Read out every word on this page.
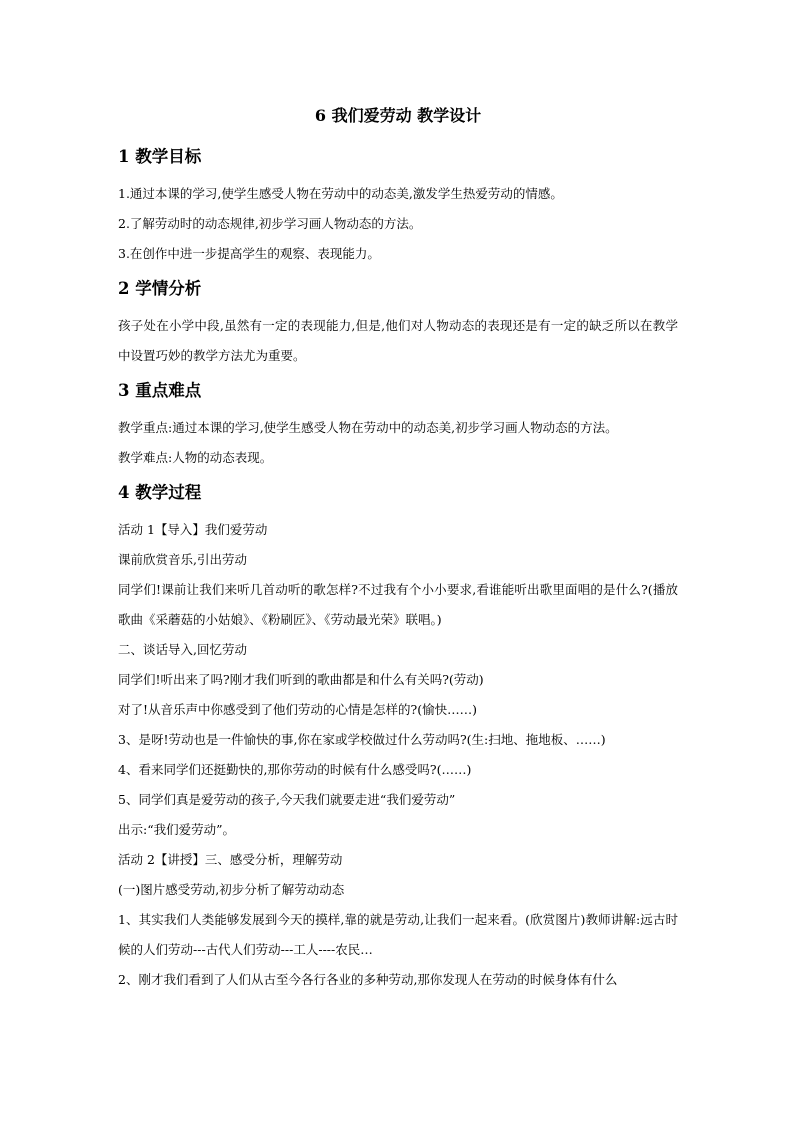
6 我们爱劳动 教学设计
1 教学目标

1.通过本课的学习,使学生感受人物在劳动中的动态美,激发学生热爱劳动的情感。

2.了解劳动时的动态规律,初步学习画人物动态的方法。

3.在创作中进一步提高学生的观察、表现能力。

2 学情分析

孩子处在小学中段,虽然有一定的表现能力,但是,他们对人物动态的表现还是有一定的缺乏所以在教学中设置巧妙的教学方法尤为重要。

3 重点难点

教学重点:通过本课的学习,使学生感受人物在劳动中的动态美,初步学习画人物动态的方法。

教学难点:人物的动态表现。

4 教学过程

活动 1【导入】我们爱劳动

课前欣赏音乐,引出劳动

同学们!课前让我们来听几首动听的歌怎样?不过我有个小小要求,看谁能听出歌里面唱的是什么?(播放歌曲《采蘑菇的小姑娘》、《粉刷匠》、《劳动最光荣》联唱。)

二、谈话导入,回忆劳动

同学们!听出来了吗?刚才我们听到的歌曲都是和什么有关吗?(劳动)

对了!从音乐声中你感受到了他们劳动的心情是怎样的?(愉快……)

3、是呀!劳动也是一件愉快的事,你在家或学校做过什么劳动吗?(生:扫地、拖地板、……)

4、看来同学们还挺勤快的,那你劳动的时候有什么感受吗?(……)

5、同学们真是爱劳动的孩子,今天我们就要走进“我们爱劳动”

出示:“我们爱劳动”。

活动 2【讲授】三、感受分析，理解劳动

(一)图片感受劳动,初步分析了解劳动动态

1、其实我们人类能够发展到今天的摸样,靠的就是劳动,让我们一起来看。(欣赏图片)教师讲解:远古时候的人们劳动---古代人们劳动---工人----农民…

2、刚才我们看到了人们从古至今各行各业的多种劳动,那你发现人在劳动的时候身体有什么
